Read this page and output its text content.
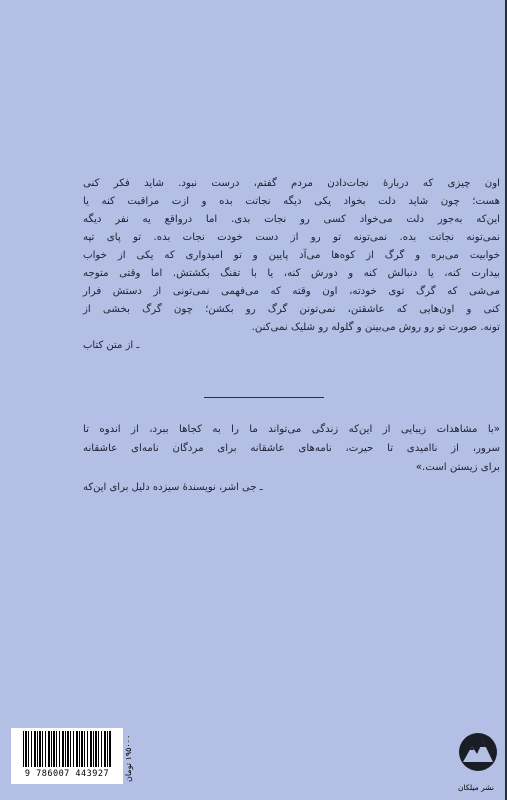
اون چیزی که دربارهٔ نجات‌دادن مردم گفتم، درست نبود. شاید فکر کنی
هست؛ چون شاید دلت بخواد یکی دیگه نجاتت بده و ازت مراقبت کنه یا
این‌که به‌جور دلت می‌خواد کسی رو نجات بدی. اما درواقع یه نفر دیگه
نمی‌تونه نجاتت بده. نمی‌تونه تو رو از دست خودت نجات بده. تو پای تپه
خوابیت می‌بره و گرگ از کوه‌ها می‌آد پایین و تو امیدواری که یکی از خواب
بیدارت کنه، یا دنبالش کنه و دورش کنه، یا با تفنگ بکشتش. اما وقتی متوجه
می‌شی که گرگ توی خودته، اون وقته که می‌فهمی نمی‌تونی از دستش فرار
کنی و اون‌هایی که عاشقتن، نمی‌تونن گرگ رو بکشن؛ چون گرگ بخشی از
تونه. صورت تو رو روش می‌بینن و گلوله رو شلیک نمی‌کنن.
ـ از متن کتاب
«با مشاهدات زیبایی از این‌که زندگی می‌تواند ما را به کجاها ببرد، از اندوه تا
سرور، از ناامیدی تا حیرت، نامه‌های عاشقانه برای مردگان نامه‌ای عاشقانه
برای زیستن است.»
ـ جی اشر، نویسندهٔ سیزده دلیل برای این‌که
9 786007 443927	۱۹۵۰۰۰ تومان
نشر میلکان
